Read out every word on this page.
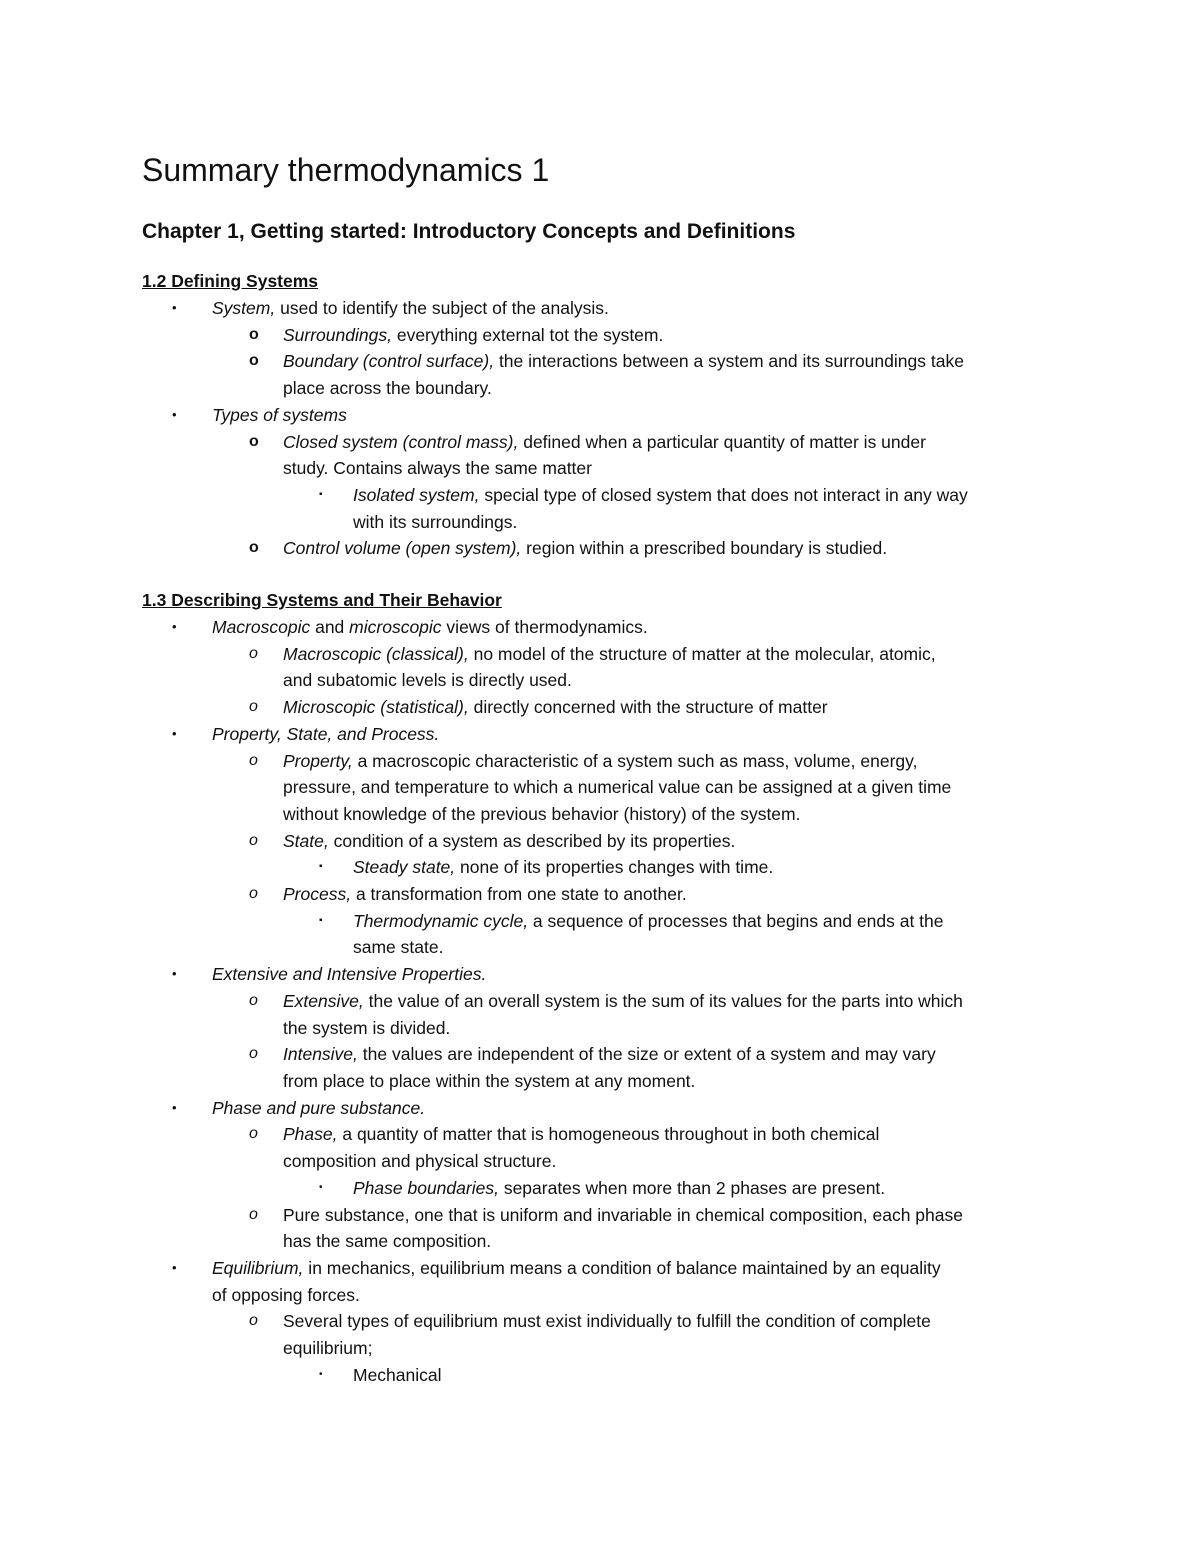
Summary thermodynamics 1
Chapter 1, Getting started: Introductory Concepts and Definitions
1.2 Defining Systems
• System, used to identify the subject of the analysis.
o Surroundings, everything external tot the system.
o Boundary (control surface), the interactions between a system and its surroundings take
place across the boundary.
• Types of systems
o Closed system (control mass), defined when a particular quantity of matter is under
study. Contains always the same matter
▪ Isolated system, special type of closed system that does not interact in any way
with its surroundings.
o Control volume (open system), region within a prescribed boundary is studied.
1.3 Describing Systems and Their Behavior
• Macroscopic and microscopic views of thermodynamics.
o Macroscopic (classical), no model of the structure of matter at the molecular, atomic,
and subatomic levels is directly used.
o Microscopic (statistical), directly concerned with the structure of matter
• Property, State, and Process.
o Property, a macroscopic characteristic of a system such as mass, volume, energy,
pressure, and temperature to which a numerical value can be assigned at a given time
without knowledge of the previous behavior (history) of the system.
o State, condition of a system as described by its properties.
▪ Steady state, none of its properties changes with time.
o Process, a transformation from one state to another.
▪ Thermodynamic cycle, a sequence of processes that begins and ends at the
same state.
• Extensive and Intensive Properties.
o Extensive, the value of an overall system is the sum of its values for the parts into which
the system is divided.
o Intensive, the values are independent of the size or extent of a system and may vary
from place to place within the system at any moment.
• Phase and pure substance.
o Phase, a quantity of matter that is homogeneous throughout in both chemical
composition and physical structure.
• Phase boundaries, separates when more than 2 phases are present.
o Pure substance, one that is uniform and invariable in chemical composition, each phase
has the same composition.
• Equilibrium, in mechanics, equilibrium means a condition of balance maintained by an equality
of opposing forces.
o Several types of equilibrium must exist individually to fulfill the condition of complete
equilibrium;
• Mechanical
